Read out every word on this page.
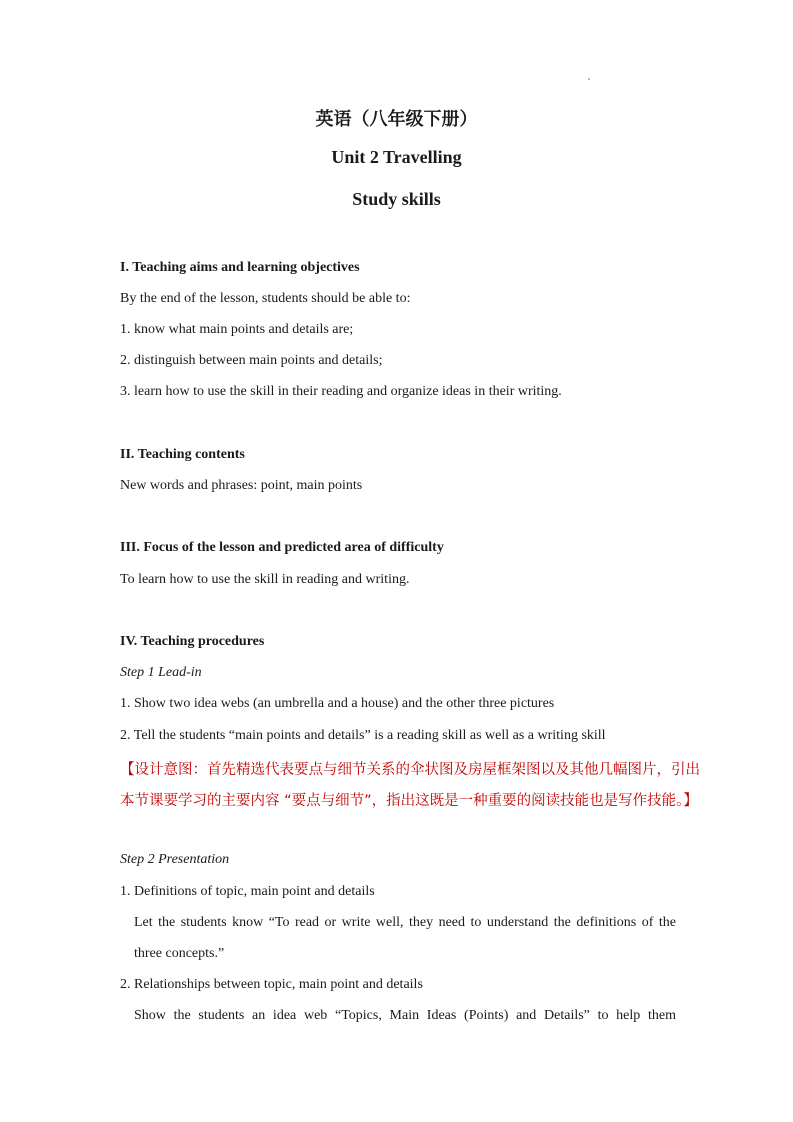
英语（八年级下册）
Unit 2 Travelling
Study skills
I. Teaching aims and learning objectives
By the end of the lesson, students should be able to:
1. know what main points and details are;
2. distinguish between main points and details;
3. learn how to use the skill in their reading and organize ideas in their writing.
II. Teaching contents
New words and phrases: point, main points
III. Focus of the lesson and predicted area of difficulty
To learn how to use the skill in reading and writing.
IV. Teaching procedures
Step 1 Lead-in
1. Show two idea webs (an umbrella and a house) and the other three pictures
2. Tell the students “main points and details” is a reading skill as well as a writing skill
【设计意图：首先精选代表要点与细节关系的伞状图及房屋框架图以及其他几幅图片，引出
本节课要学习的主要内容 “要点与细节”，指出这既是一种重要的阅读技能也是写作技能。】
Step 2 Presentation
1. Definitions of topic, main point and details
Let the students know “To read or write well, they need to understand the definitions of the
three concepts.”
2. Relationships between topic, main point and details
Show the students an idea web “Topics, Main Ideas (Points) and Details” to help them
